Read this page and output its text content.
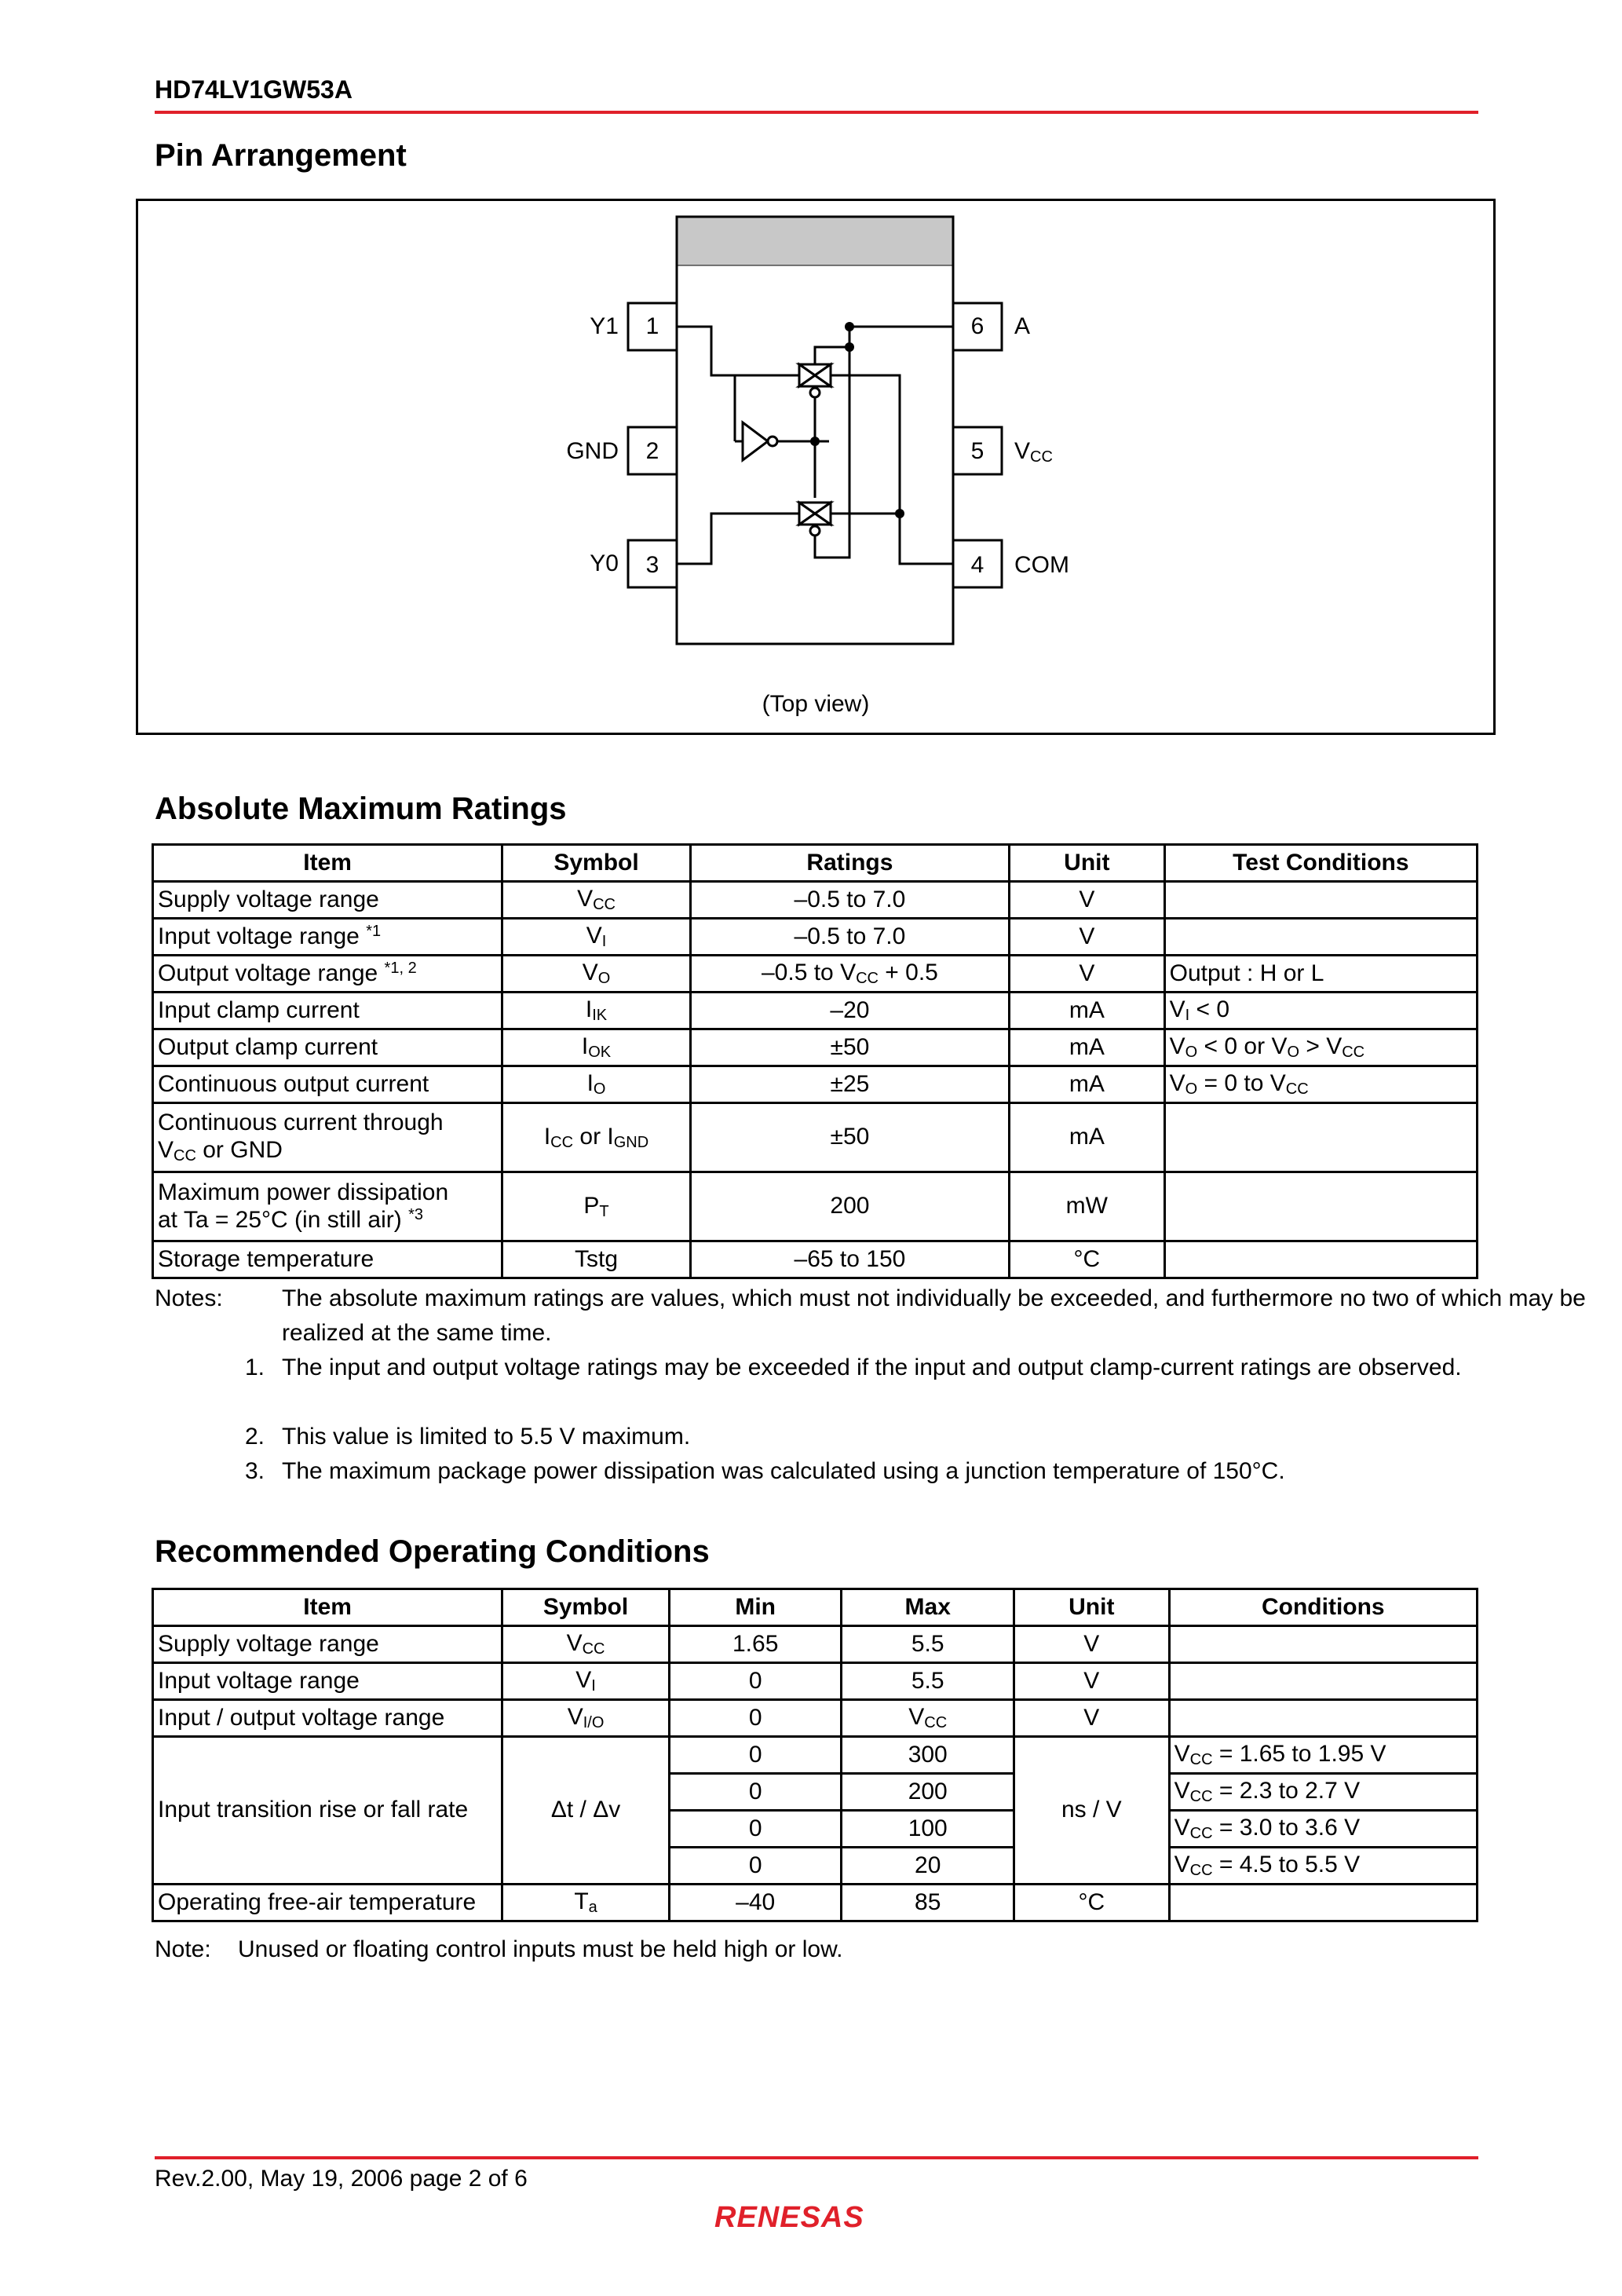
HD74LV1GW53A
Pin Arrangement
Y1	1
GND	2
Y0	3
6	A
5	$V_{CC}$
4	COM
(Top view)
Absolute Maximum Ratings
Item	Symbol	Ratings	Unit	Test Conditions
Supply voltage range	$V_{CC}$	–0.5 to 7.0	V	
Input voltage range $^{*1}$	$V_I$	–0.5 to 7.0	V	
Output voltage range $^{*1, 2}$	$V_O$	–0.5 to $V_{CC} + 0.5$	V	Output : H or L
Input clamp current	$I_{IK}$	–20	mA	$V_I < 0$
Output clamp current	$I_{OK}$	±50	mA	$V_O < 0$ or $V_O > V_{CC}$
Continuous output current	$I_O$	±25	mA	$V_O = 0$ to $V_{CC}$
Continuous current through
$V_{CC}$ or GND	$I_{CC}$ or $I_{GND}$	±50	mA	
Maximum power dissipation
at Ta = 25°C (in still air) $^{*3}$	$P_T$	200	mW	
Storage temperature	Tstg	–65 to 150	°C	
Notes:	The absolute maximum ratings are values, which must not individually be exceeded, and furthermore no two of which may be realized at the same time.
1. The input and output voltage ratings may be exceeded if the input and output clamp-current ratings are observed.
2. This value is limited to 5.5 V maximum.
3. The maximum package power dissipation was calculated using a junction temperature of 150°C.
Recommended Operating Conditions
Item	Symbol	Min	Max	Unit	Conditions
Supply voltage range	$V_{CC}$	1.65	5.5	V	
Input voltage range	$V_I$	0	5.5	V	
Input / output voltage range	$V_{I/O}$	0	$V_{CC}$	V	
Input transition rise or fall rate	Δt / Δv	0	300	ns / V	$V_{CC} = 1.65$ to 1.95 V
		0	200		$V_{CC} = 2.3$ to 2.7 V
		0	100		$V_{CC} = 3.0$ to 3.6 V
		0	20		$V_{CC} = 4.5$ to 5.5 V
Operating free-air temperature	$T_a$	–40	85	°C	
Note: Unused or floating control inputs must be held high or low.
Rev.2.00, May 19, 2006 page 2 of 6
RENESAS
